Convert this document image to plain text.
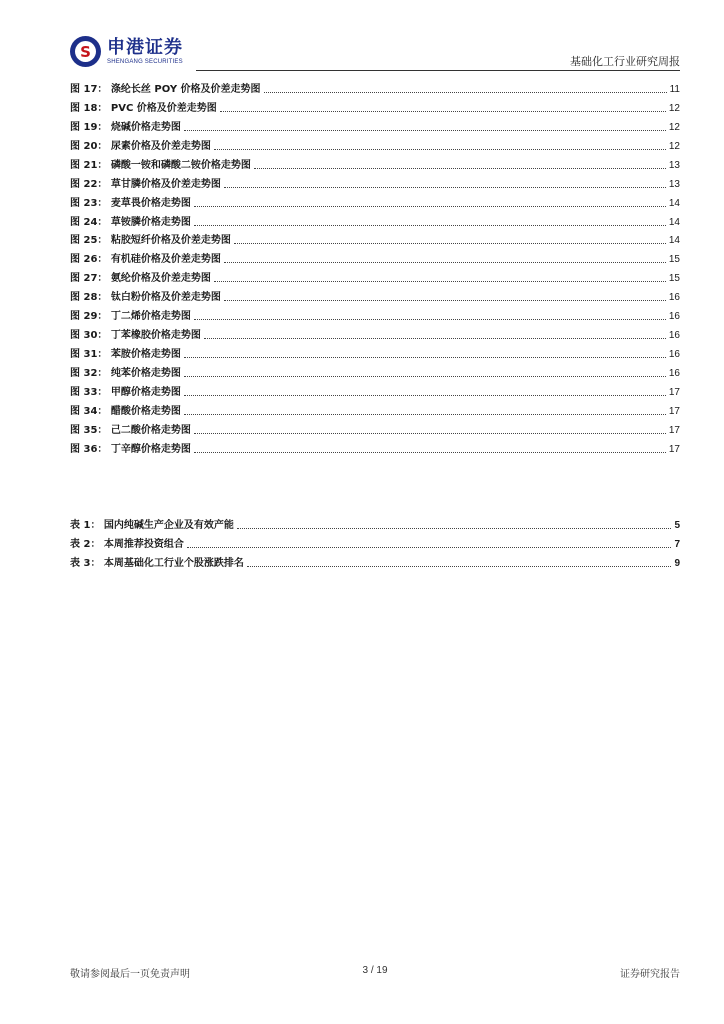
S 申港证券
SHENGANG SECURITIES	基础化工行业研究周报
图 17： 涤纶长丝 POY 价格及价差走势图	11
图 18： PVC 价格及价差走势图	12
图 19： 烧碱价格走势图	12
图 20： 尿素价格及价差走势图	12
图 21： 磷酸一铵和磷酸二铵价格走势图	13
图 22： 草甘膦价格及价差走势图	13
图 23： 麦草畏价格走势图	14
图 24： 草铵膦价格走势图	14
图 25： 粘胶短纤价格及价差走势图	14
图 26： 有机硅价格及价差走势图	15
图 27： 氨纶价格及价差走势图	15
图 28： 钛白粉价格及价差走势图	16
图 29： 丁二烯价格走势图	16
图 30： 丁苯橡胶价格走势图	16
图 31： 苯胺价格走势图	16
图 32： 纯苯价格走势图	16
图 33： 甲醇价格走势图	17
图 34： 醋酸价格走势图	17
图 35： 己二酸价格走势图	17
图 36： 丁辛醇价格走势图	17
表 1： 国内纯碱生产企业及有效产能	5
表 2： 本周推荐投资组合	7
表 3： 本周基础化工行业个股涨跌排名	9
敬请参阅最后一页免责声明	3 / 19	证券研究报告
